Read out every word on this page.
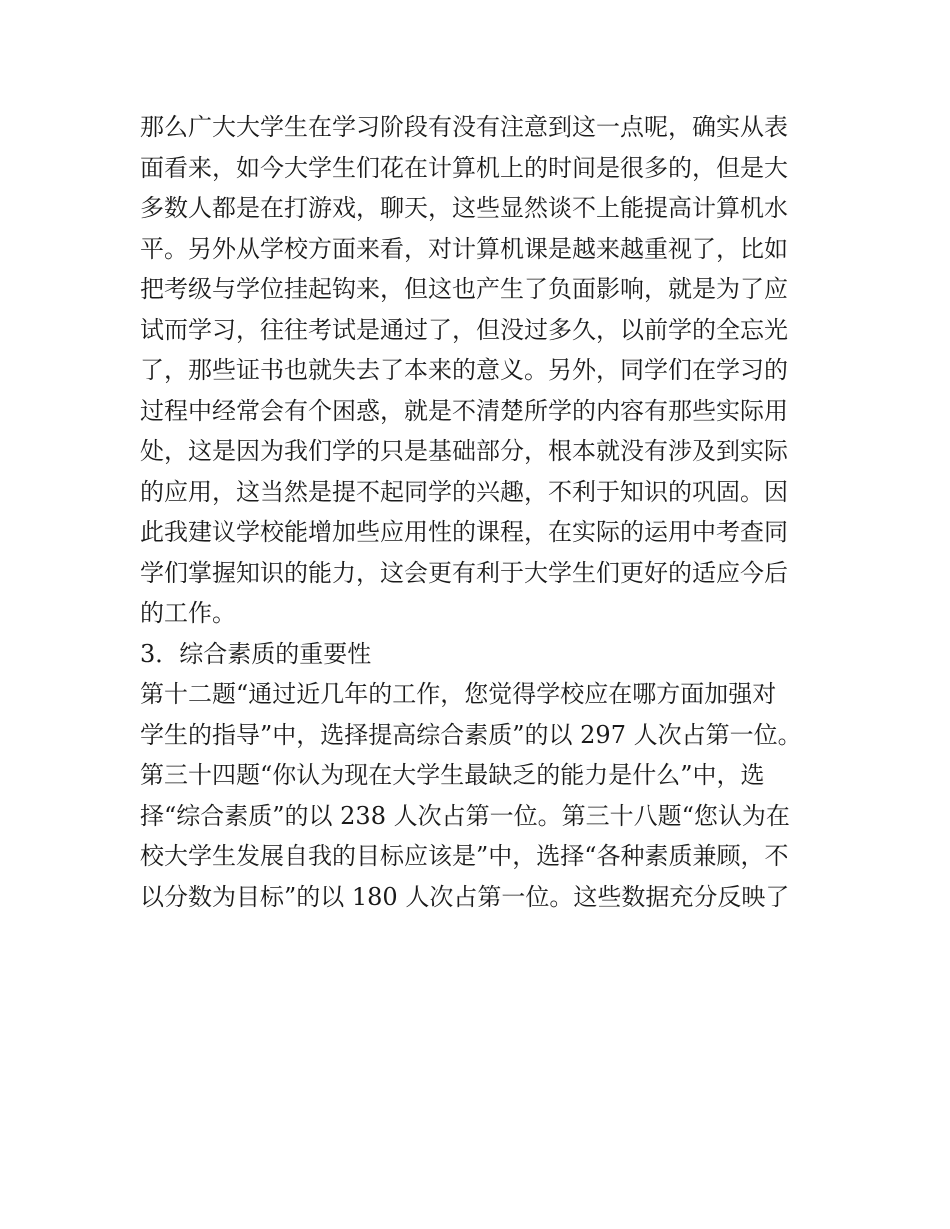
那么广大大学生在学习阶段有没有注意到这一点呢，确实从表
面看来，如今大学生们花在计算机上的时间是很多的，但是大
多数人都是在打游戏，聊天，这些显然谈不上能提高计算机水
平。另外从学校方面来看，对计算机课是越来越重视了，比如
把考级与学位挂起钩来，但这也产生了负面影响，就是为了应
试而学习，往往考试是通过了，但没过多久，以前学的全忘光
了，那些证书也就失去了本来的意义。另外，同学们在学习的
过程中经常会有个困惑，就是不清楚所学的内容有那些实际用
处，这是因为我们学的只是基础部分，根本就没有涉及到实际
的应用，这当然是提不起同学的兴趣，不利于知识的巩固。因
此我建议学校能增加些应用性的课程，在实际的运用中考查同
学们掌握知识的能力，这会更有利于大学生们更好的适应今后
的工作。
3．综合素质的重要性
第十二题“通过近几年的工作，您觉得学校应在哪方面加强对
学生的指导”中，选择提高综合素质”的以 297 人次占第一位。
第三十四题“你认为现在大学生最缺乏的能力是什么”中，选
择“综合素质”的以 238 人次占第一位。第三十八题“您认为在
校大学生发展自我的目标应该是”中，选择“各种素质兼顾，不
以分数为目标”的以 180 人次占第一位。这些数据充分反映了
